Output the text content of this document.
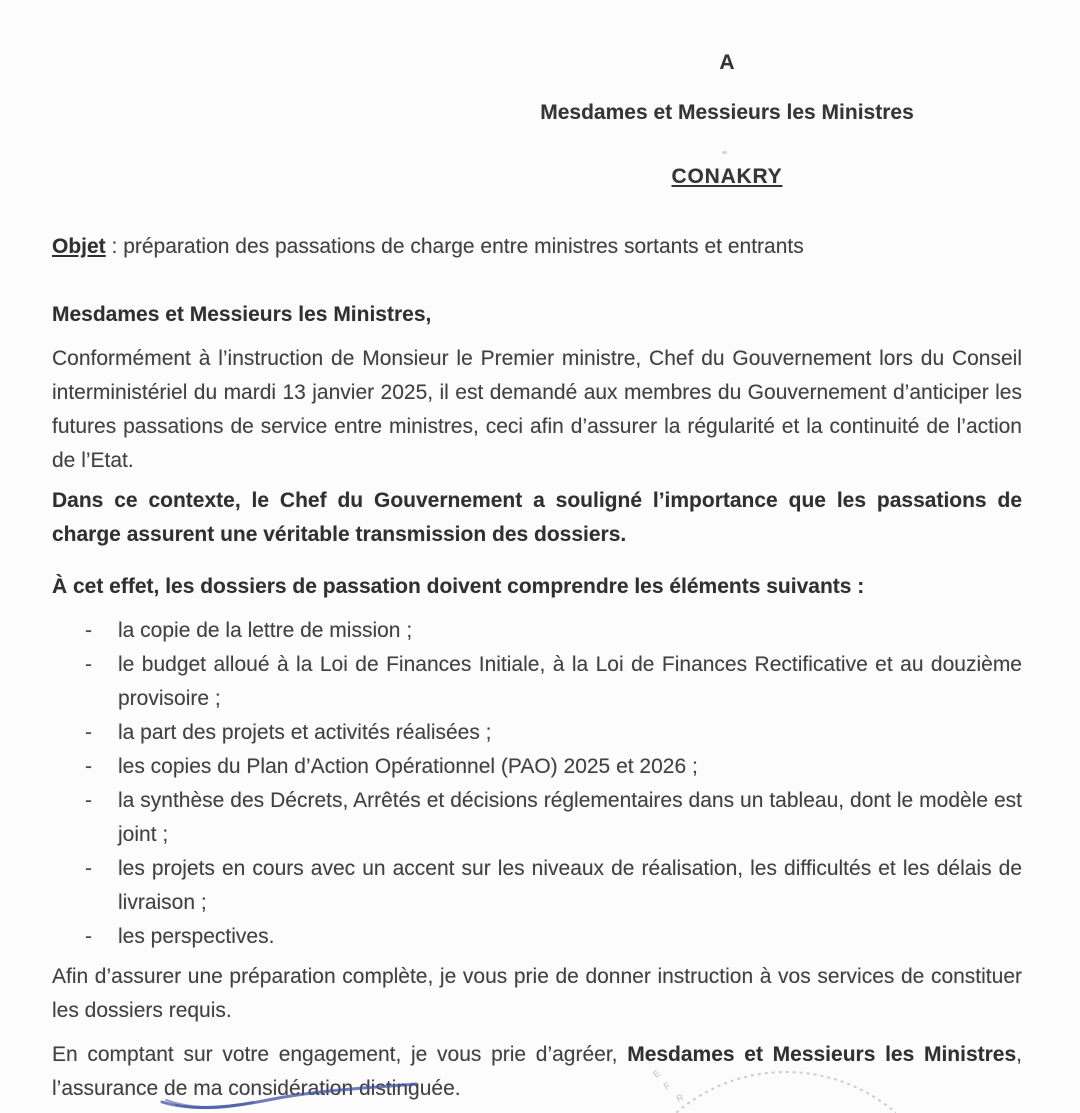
A
Mesdames et Messieurs les Ministres
CONAKRY

Objet : préparation des passations de charge entre ministres sortants et entrants

Mesdames et Messieurs les Ministres,

Conformément à l’instruction de Monsieur le Premier ministre, Chef du Gouvernement lors du Conseil interministériel du mardi 13 janvier 2025, il est demandé aux membres du Gouvernement d’anticiper les futures passations de service entre ministres, ceci afin d’assurer la régularité et la continuité de l’action de l’Etat.

Dans ce contexte, le Chef du Gouvernement a souligné l’importance que les passations de charge assurent une véritable transmission des dossiers.

À cet effet, les dossiers de passation doivent comprendre les éléments suivants :

-	la copie de la lettre de mission ;
-	le budget alloué à la Loi de Finances Initiale, à la Loi de Finances Rectificative et au douzième provisoire ;
-	la part des projets et activités réalisées ;
-	les copies du Plan d’Action Opérationnel (PAO) 2025 et 2026 ;
-	la synthèse des Décrets, Arrêtés et décisions réglementaires dans un tableau, dont le modèle est joint ;
-	les projets en cours avec un accent sur les niveaux de réalisation, les difficultés et les délais de livraison ;
-	les perspectives.

Afin d’assurer une préparation complète, je vous prie de donner instruction à vos services de constituer les dossiers requis.

En comptant sur votre engagement, je vous prie d’agréer, Mesdames et Messieurs les Ministres, l’assurance de ma considération distinguée.

E
F
R
